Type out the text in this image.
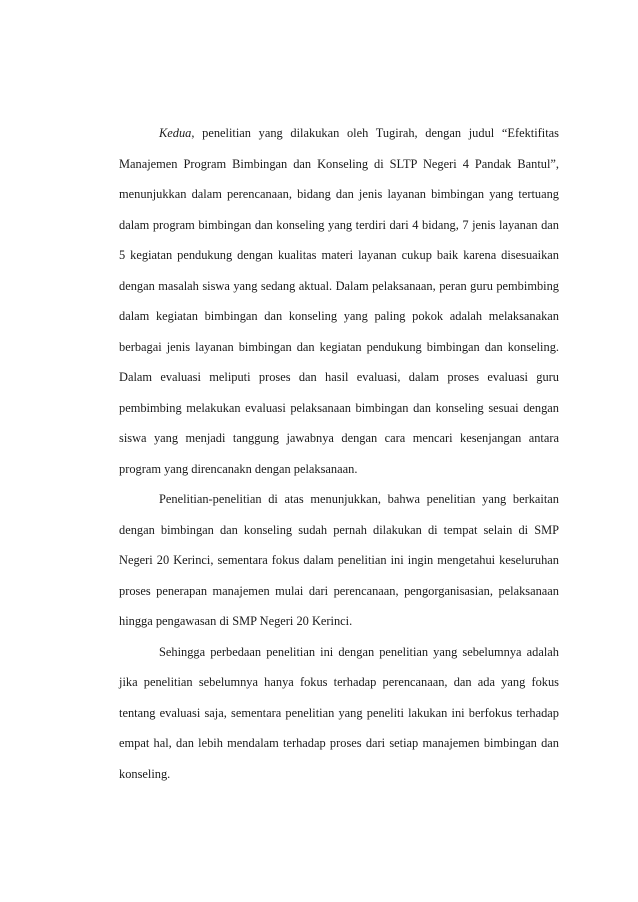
Kedua, penelitian yang dilakukan oleh Tugirah, dengan judul “Efektifitas Manajemen Program Bimbingan dan Konseling di SLTP Negeri 4 Pandak Bantul”, menunjukkan dalam perencanaan, bidang dan jenis layanan bimbingan yang tertuang dalam program bimbingan dan konseling yang terdiri dari 4 bidang, 7 jenis layanan dan 5 kegiatan pendukung dengan kualitas materi layanan cukup baik karena disesuaikan dengan masalah siswa yang sedang aktual. Dalam pelaksanaan, peran guru pembimbing dalam kegiatan bimbingan dan konseling yang paling pokok adalah melaksanakan berbagai jenis layanan bimbingan dan kegiatan pendukung bimbingan dan konseling. Dalam evaluasi meliputi proses dan hasil evaluasi, dalam proses evaluasi guru pembimbing melakukan evaluasi pelaksanaan bimbingan dan konseling sesuai dengan siswa yang menjadi tanggung jawabnya dengan cara mencari kesenjangan antara program yang direncanakn dengan pelaksanaan.

Penelitian-penelitian di atas menunjukkan, bahwa penelitian yang berkaitan dengan bimbingan dan konseling sudah pernah dilakukan di tempat selain di SMP Negeri 20 Kerinci, sementara fokus dalam penelitian ini ingin mengetahui keseluruhan proses penerapan manajemen mulai dari perencanaan, pengorganisasian, pelaksanaan hingga pengawasan di SMP Negeri 20 Kerinci.

Sehingga perbedaan penelitian ini dengan penelitian yang sebelumnya adalah jika penelitian sebelumnya hanya fokus terhadap perencanaan, dan ada yang fokus tentang evaluasi saja, sementara penelitian yang peneliti lakukan ini berfokus terhadap empat hal, dan lebih mendalam terhadap proses dari setiap manajemen bimbingan dan konseling.
